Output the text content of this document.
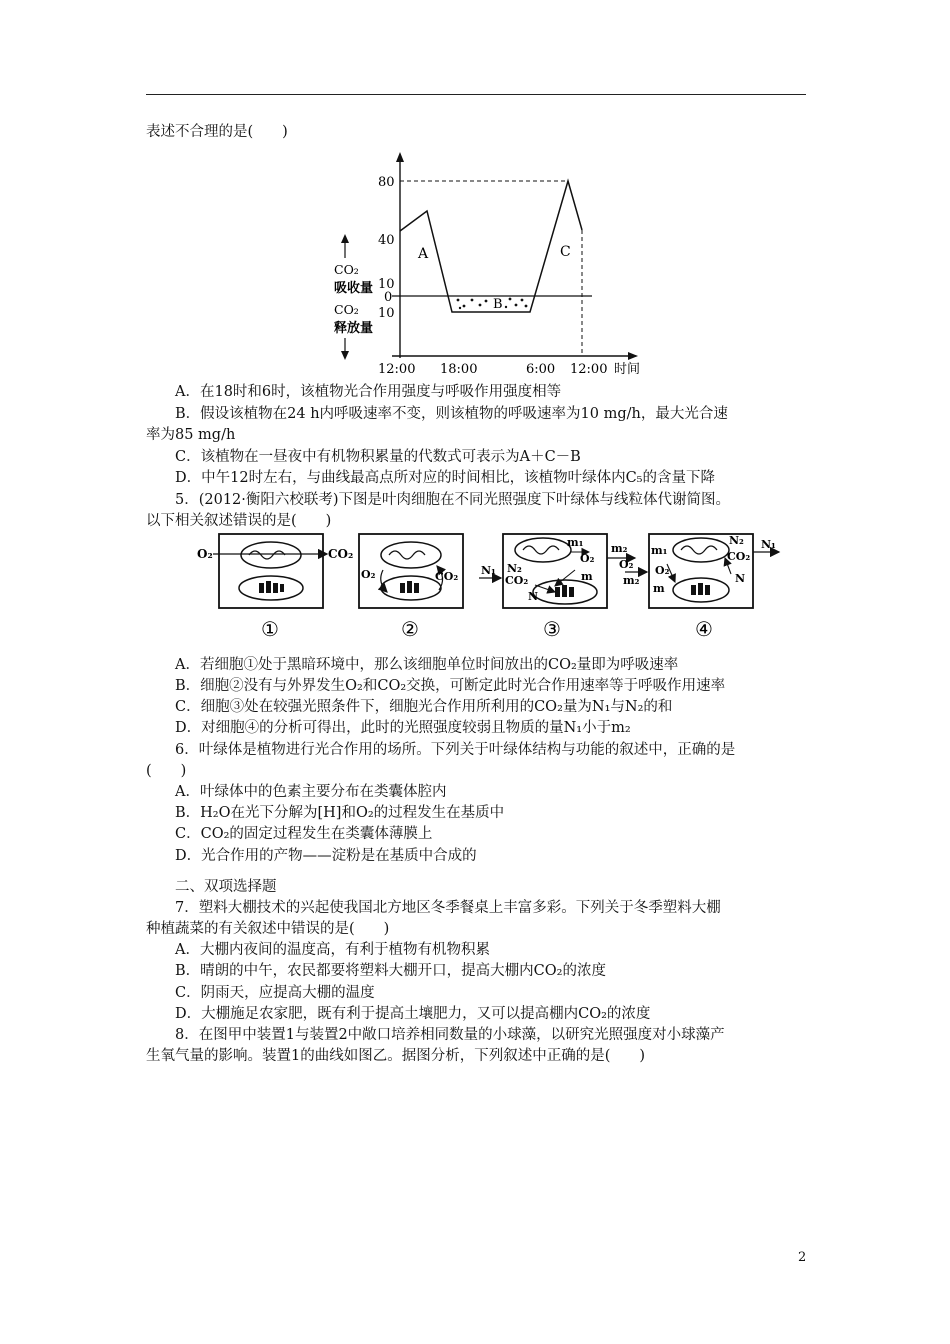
表述不合理的是(　　)
A
B
C
80
40
10
0
10
CO₂
吸收量
CO₂
释放量
12:00 18:00	6:00 12:00 时间
A．在18时和6时，该植物光合作用强度与呼吸作用强度相等
B．假设该植物在24 h内呼吸速率不变，则该植物的呼吸速率为10 mg/h，最大光合速
率为85 mg/h
C．该植物在一昼夜中有机物积累量的代数式可表示为A＋C－B
D．中午12时左右，与曲线最高点所对应的时间相比，该植物叶绿体内C₅的含量下降
5．(2012·衡阳六校联考)下图是叶肉细胞在不同光照强度下叶绿体与线粒体代谢简图。
以下相关叙述错误的是(　　)
O₂	CO₂
①
O₂	CO₂
②
N₁ N₂
CO₂
m₁
O₂
m₂
m
N
③
O₂
m₂
m₁
O₂
m
N₂
CO₂
N
N₁
④
A．若细胞①处于黑暗环境中，那么该细胞单位时间放出的CO₂量即为呼吸速率
B．细胞②没有与外界发生O₂和CO₂交换，可断定此时光合作用速率等于呼吸作用速率
C．细胞③处在较强光照条件下，细胞光合作用所利用的CO₂量为N₁与N₂的和
D．对细胞④的分析可得出，此时的光照强度较弱且物质的量N₁小于m₂
6．叶绿体是植物进行光合作用的场所。下列关于叶绿体结构与功能的叙述中，正确的是
(　　)
A．叶绿体中的色素主要分布在类囊体腔内
B．H₂O在光下分解为[H]和O₂的过程发生在基质中
C．CO₂的固定过程发生在类囊体薄膜上
D．光合作用的产物——淀粉是在基质中合成的
二、双项选择题
7．塑料大棚技术的兴起使我国北方地区冬季餐桌上丰富多彩。下列关于冬季塑料大棚
种植蔬菜的有关叙述中错误的是(　　)
A．大棚内夜间的温度高，有利于植物有机物积累
B．晴朗的中午，农民都要将塑料大棚开口，提高大棚内CO₂的浓度
C．阴雨天，应提高大棚的温度
D．大棚施足农家肥，既有利于提高土壤肥力，又可以提高棚内CO₂的浓度
8．在图甲中装置1与装置2中敞口培养相同数量的小球藻，以研究光照强度对小球藻产
生氧气量的影响。装置1的曲线如图乙。据图分析，下列叙述中正确的是(　　)
2
